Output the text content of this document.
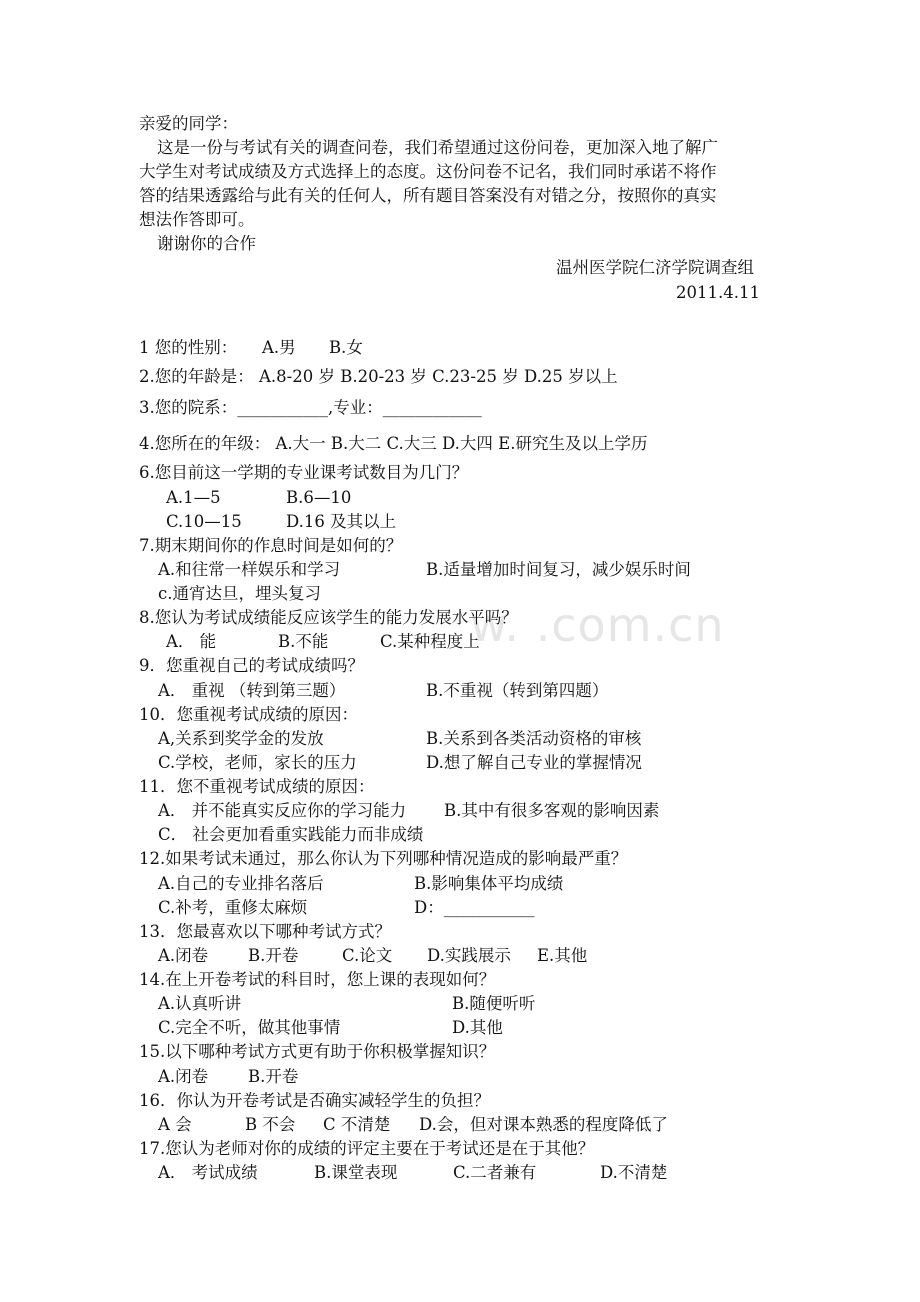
w. .com.cn
亲爱的同学：
这是一份与考试有关的调查问卷，我们希望通过这份问卷，更加深入地了解广
大学生对考试成绩及方式选择上的态度。这份问卷不记名，我们同时承诺不将作
答的结果透露给与此有关的任何人，所有题目答案没有对错之分，按照你的真实
想法作答即可。
谢谢你的合作
温州医学院仁济学院调查组
2011.4.11
1 您的性别： A.男 B.女
2.您的年龄是： A.8-20 岁 B.20-23 岁 C.23-25 岁 D.25 岁以上
3.您的院系：___________,专业：____________
4.您所在的年级： A.大一 B.大二 C.大三 D.大四 E.研究生及以上学历
6.您目前这一学期的专业课考试数目为几门？
A.1—5	B.6—10
C.10—15	D.16 及其以上
7.期末期间你的作息时间是如何的？
A.和往常一样娱乐和学习	B.适量增加时间复习，减少娱乐时间
c.通宵达旦，埋头复习
8.您认为考试成绩能反应该学生的能力发展水平吗？
A． 能	B.不能	C.某种程度上
9．您重视自己的考试成绩吗？
A． 重视 （转到第三题）	B.不重视（转到第四题）
10．您重视考试成绩的原因：
A,关系到奖学金的发放	B.关系到各类活动资格的审核
C.学校，老师，家长的压力	D.想了解自己专业的掌握情况
11．您不重视考试成绩的原因：
A． 并不能真实反应你的学习能力 B.其中有很多客观的影响因素
C． 社会更加看重实践能力而非成绩
12.如果考试未通过，那么你认为下列哪种情况造成的影响最严重？
A.自己的专业排名落后	B.影响集体平均成绩
C.补考，重修太麻烦	D：___________
13．您最喜欢以下哪种考试方式？
A.闭卷 B.开卷	C.论文 D.实践展示 E.其他
14.在上开卷考试的科目时，您上课的表现如何？
A.认真听讲	B.随便听听
C.完全不听，做其他事情	D.其他
15.以下哪种考试方式更有助于你积极掌握知识？
A.闭卷 B.开卷
16．你认为开卷考试是否确实减轻学生的负担？
A 会	B 不会 C 不清楚 D.会，但对课本熟悉的程度降低了
17.您认为老师对你的成绩的评定主要在于考试还是在于其他？
A． 考试成绩	B.课堂表现	C.二者兼有	D.不清楚
